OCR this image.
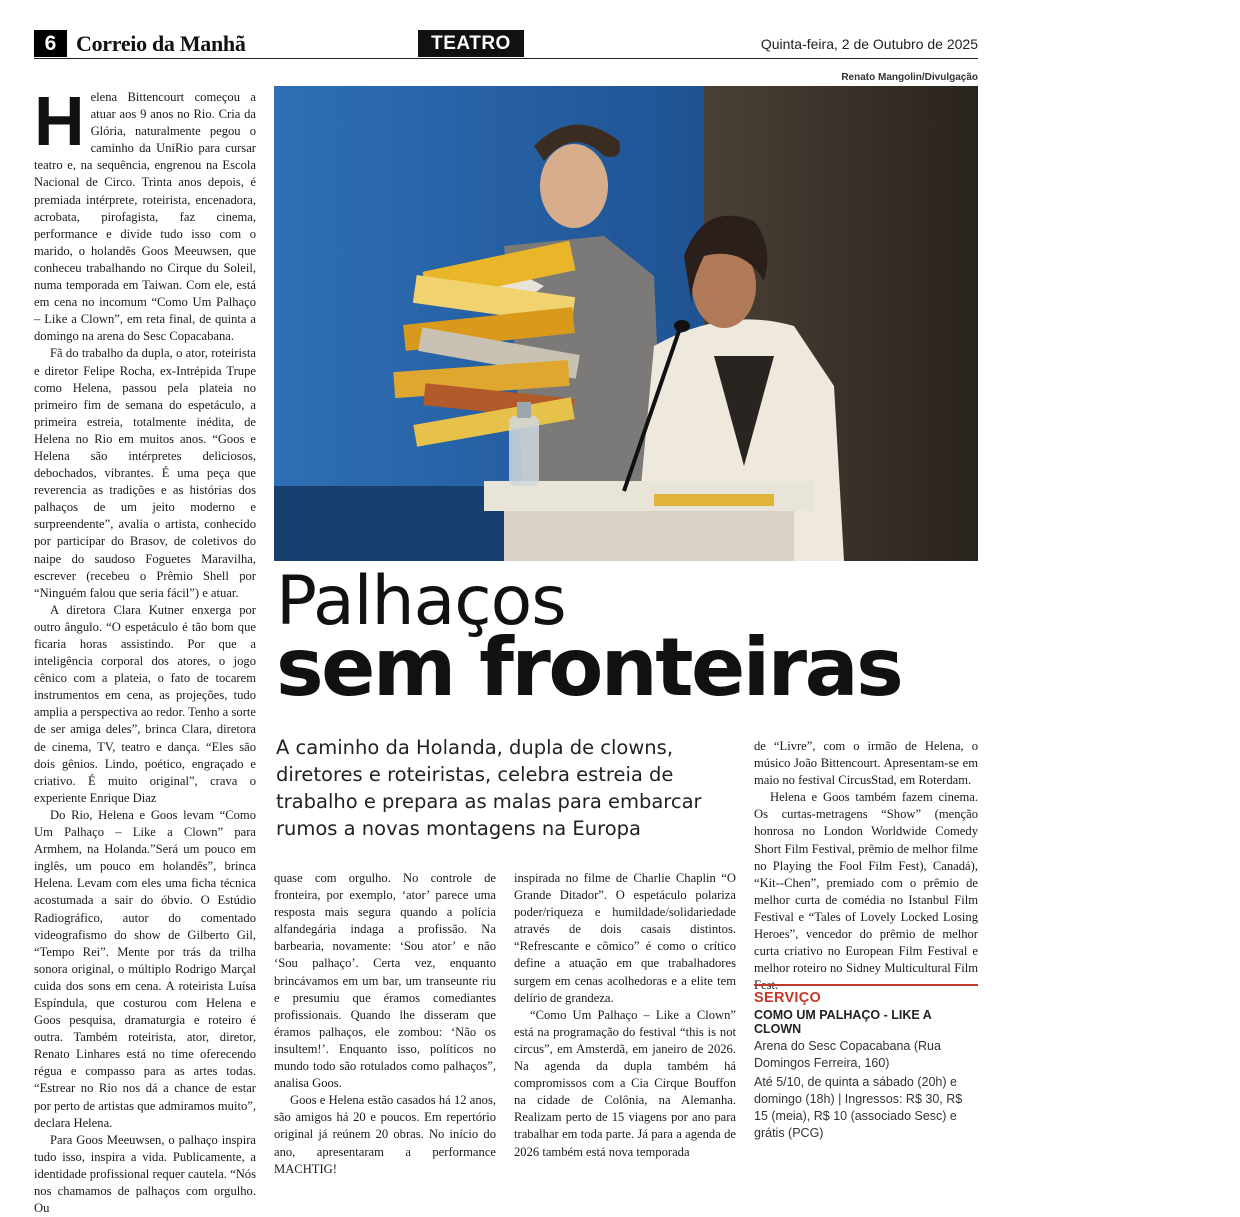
6 Correio da Manhã	TEATRO	Quinta-feira, 2 de Outubro de 2025
Renato Mangolin/Divulgação
Helena Bittencourt e Goos Meeuwseen em ‘Como Um Palhaço - Like a Clown’, em cartaz no Sesc Copacabana
Palhaços
sem fronteiras
A caminho da Holanda, dupla de clowns, diretores e roteiristas, celebra estreia de trabalho e prepara as malas para embarcar rumos a novas montagens na Europa
H elena Bittencourt começou a atuar aos 9 anos no Rio. Cria da Glória, naturalmente pegou o caminho da UniRio para cursar teatro e, na sequência, engrenou na Escola Nacional de Circo. Trinta anos depois, é premiada intérprete, roteirista, encenadora, acrobata, pirofagista, faz cinema, performance e divide tudo isso com o marido, o holandês Goos Meeuwsen, que conheceu trabalhando no Cirque du Soleil, numa temporada em Taiwan. Com ele, está em cena no incomum “Como Um Palhaço – Like a Clown”, em reta final, de quinta a domingo na arena do Sesc Copacabana.

Fã do trabalho da dupla, o ator, roteirista e diretor Felipe Rocha, ex-Intrépida Trupe como Helena, passou pela plateia no primeiro fim de semana do espetáculo, a primeira estreia, totalmente inédita, de Helena no Rio em muitos anos. “Goos e Helena são intérpretes deliciosos, debochados, vibrantes. É uma peça que reverencia as tradições e as histórias dos palhaços de um jeito moderno e surpreendente”, avalia o artista, conhecido por participar do Brasov, de coletivos do naipe do saudoso Foguetes Maravilha, escrever (recebeu o Prêmio Shell por “Ninguém falou que seria fácil”) e atuar.

A diretora Clara Kutner enxerga por outro ângulo. “O espetáculo é tão bom que ficaria horas assistindo. Por que a inteligência corporal dos atores, o jogo cênico com a plateia, o fato de tocarem instrumentos em cena, as projeções, tudo amplia a perspectiva ao redor. Tenho a sorte de ser amiga deles”, brinca Clara, diretora de cinema, TV, teatro e dança. “Eles são dois gênios. Lindo, poético, engraçado e criativo. É muito original”, crava o experiente Enrique Diaz

Do Rio, Helena e Goos levam “Como Um Palhaço – Like a Clown” para Armhem, na Holanda.”Será um pouco em inglês, um pouco em holandês”, brinca Helena. Levam com eles uma ficha técnica acostumada a sair do óbvio. O Estúdio Radiográfico, autor do comentado videografismo do show de Gilberto Gil, “Tempo Rei”. Mente por trás da trilha sonora original, o múltiplo Rodrigo Marçal cuida dos sons em cena. A roteirista Luísa Espíndula, que costurou com Helena e Goos pesquisa, dramaturgia e roteiro é outra. Também roteirista, ator, diretor, Renato Linhares está no time oferecendo régua e compasso para as artes todas. “Estrear no Rio nos dá a chance de estar por perto de artistas que admiramos muito”, declara Helena.

Para Goos Meeuwsen, o palhaço inspira tudo isso, inspira a vida. Publicamente, a identidade profissional requer cautela. “Nós nos chamamos de palhaços com orgulho. Ou

quase com orgulho. No controle de fronteira, por exemplo, ‘ator’ parece uma resposta mais segura quando a polícia alfandegária indaga a profissão. Na barbearia, novamente: ‘Sou ator’ e não ‘Sou palhaço’. Certa vez, enquanto brincávamos em um bar, um transeunte riu e presumiu que éramos comediantes profissionais. Quando lhe disseram que éramos palhaços, ele zombou: ‘Não os insultem!’. Enquanto isso, políticos no mundo todo são rotulados como palhaços”, analisa Goos.

Goos e Helena estão casados há 12 anos, são amigos há 20 e poucos. Em repertório original já reúnem 20 obras. No início do ano, apresentaram a performance MACHTIG!

inspirada no filme de Charlie Chaplin “O Grande Ditador”. O espetáculo polariza poder/riqueza e humildade/solidariedade através de dois casais distintos. “Refrescante e cômico” é como o crítico define a atuação em que trabalhadores surgem em cenas acolhedoras e a elite tem delírio de grandeza.

“Como Um Palhaço – Like a Clown” está na programação do festival “this is not circus”, em Amsterdã, em janeiro de 2026. Na agenda da dupla também há compromissos com a Cia Cirque Bouffon na cidade de Colônia, na Alemanha. Realizam perto de 15 viagens por ano para trabalhar em toda parte. Já para a agenda de 2026 também está nova temporada

de “Livre”, com o irmão de Helena, o músico João Bittencourt. Apresentam-se em maio no festival CircusStad, em Roterdam.

Helena e Goos também fazem cinema. Os curtas-metragens “Show” (menção honrosa no London Worldwide Comedy Short Film Festival, prêmio de melhor filme no Playing the Fool Film Fest), Canadá), “Kit--Chen”, premiado com o prêmio de melhor curta de comédia no Istanbul Film Festival e “Tales of Lovely Locked Losing Heroes”, vencedor do prêmio de melhor curta criativo no European Film Festival e melhor roteiro no Sidney Multicultural Film Fest.

SERVIÇO
COMO UM PALHAÇO - LIKE A CLOWN
Arena do Sesc Copacabana (Rua Domingos Ferreira, 160)
Até 5/10, de quinta a sábado (20h) e domingo (18h) | Ingressos: R$ 30, R$ 15 (meia), R$ 10 (associado Sesc) e grátis (PCG)
